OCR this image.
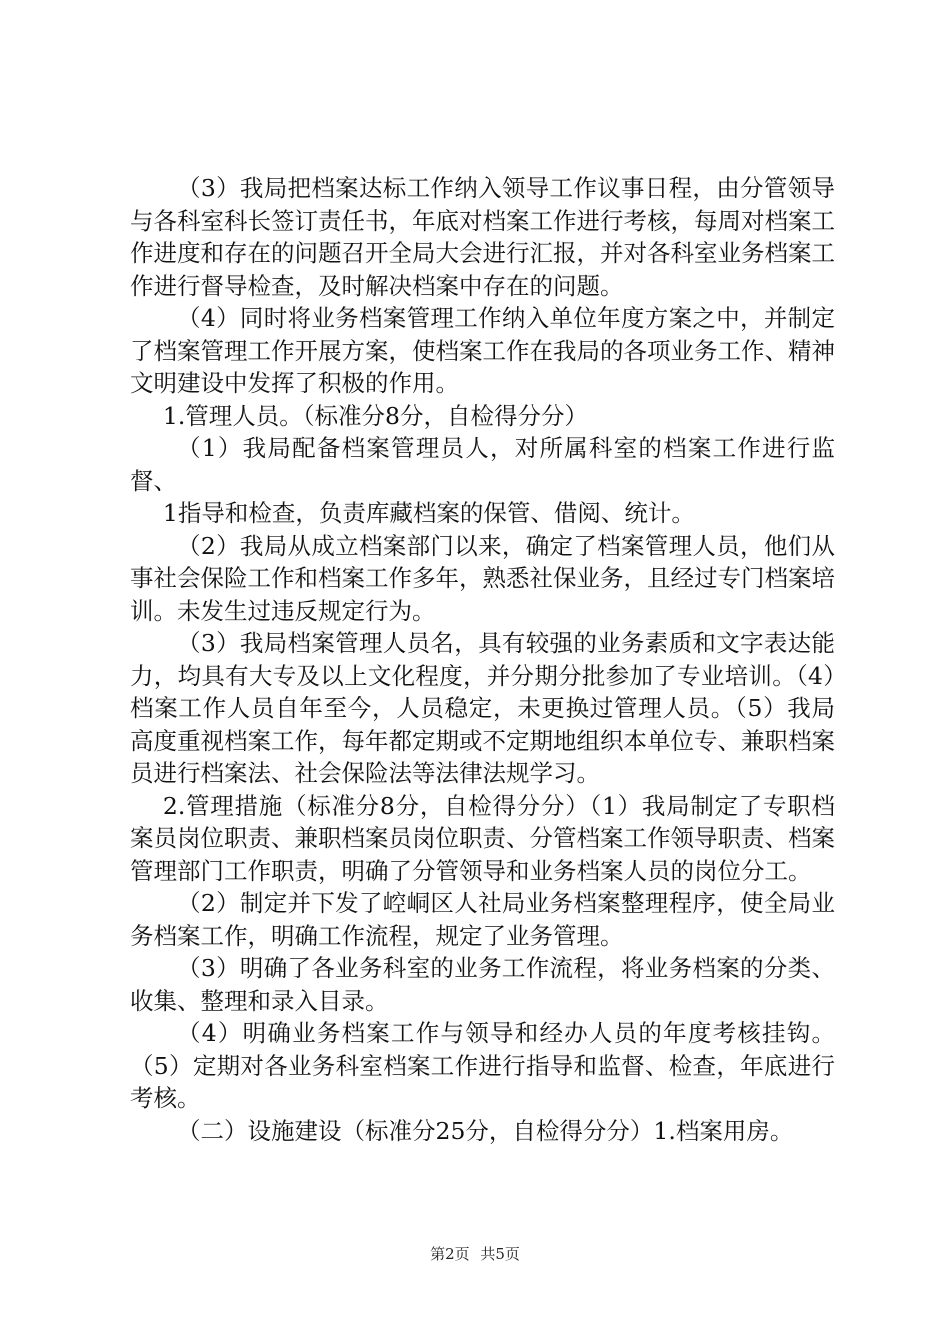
（3）我局把档案达标工作纳入领导工作议事日程，由分管领导与各科室科长签订责任书，年底对档案工作进行考核，每周对档案工作进度和存在的问题召开全局大会进行汇报，并对各科室业务档案工作进行督导检查，及时解决档案中存在的问题。

（4）同时将业务档案管理工作纳入单位年度方案之中，并制定了档案管理工作开展方案，使档案工作在我局的各项业务工作、精神文明建设中发挥了积极的作用。

1.管理人员。（标准分8分，自检得分分）

（1）我局配备档案管理员人，对所属科室的档案工作进行监督、

1指导和检查，负责库藏档案的保管、借阅、统计。

（2）我局从成立档案部门以来，确定了档案管理人员，他们从事社会保险工作和档案工作多年，熟悉社保业务，且经过专门档案培训。未发生过违反规定行为。

（3）我局档案管理人员名，具有较强的业务素质和文字表达能力，均具有大专及以上文化程度，并分期分批参加了专业培训。（4）档案工作人员自年至今，人员稳定，未更换过管理人员。（5）我局高度重视档案工作，每年都定期或不定期地组织本单位专、兼职档案员进行档案法、社会保险法等法律法规学习。

2.管理措施（标准分8分，自检得分分）（1）我局制定了专职档案员岗位职责、兼职档案员岗位职责、分管档案工作领导职责、档案管理部门工作职责，明确了分管领导和业务档案人员的岗位分工。

（2）制定并下发了崆峒区人社局业务档案整理程序，使全局业务档案工作，明确工作流程，规定了业务管理。

（3）明确了各业务科室的业务工作流程，将业务档案的分类、收集、整理和录入目录。

（4）明确业务档案工作与领导和经办人员的年度考核挂钩。（5）定期对各业务科室档案工作进行指导和监督、检查，年底进行考核。

（二）设施建设（标准分25分，自检得分分）1.档案用房。

第2页 共5页
